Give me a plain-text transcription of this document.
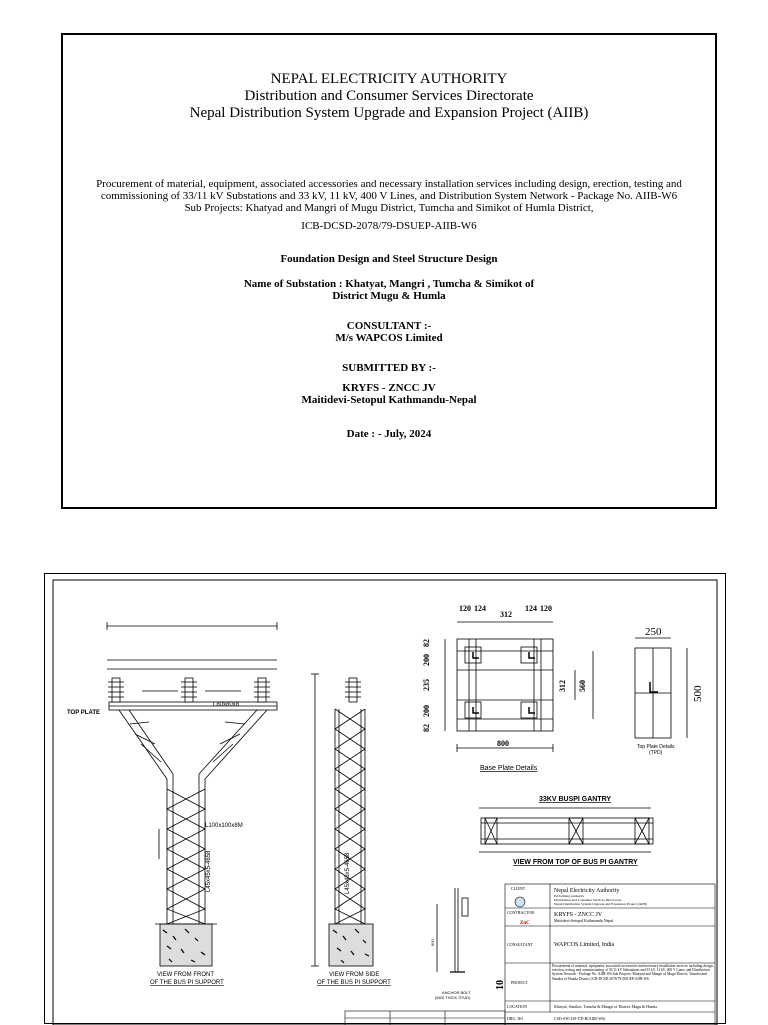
NEPAL ELECTRICITY AUTHORITY
Distribution and Consumer Services Directorate
Nepal Distribution System Upgrade and Expansion Project (AIIB)
Procurement of material, equipment, associated accessories and necessary installation services including design, erection, testing and
commissioning of 33/11 kV Substations and 33 kV, 11 kV, 400 V Lines, and Distribution System Network - Package No. AIIB-W6
Sub Projects: Khatyad and Mangri of Mugu District, Tumcha and Simikot of Humla District,
ICB-DCSD-2078/79-DSUEP-AIIB-W6
Foundation Design and Steel Structure Design
Name of Substation : Khatyat, Mangri , Tumcha & Simikot of
District Mugu & Humla
CONSULTANT :-
M/s WAPCOS Limited
SUBMITTED BY :-
KRYFS - ZNCC JV
Maitidevi-Setopul Kathmandu-Nepal
Date : - July, 2024
TOP PLATE
L80x80x8
L100x100x8M
L45x45x5-4658
VIEW FROM FRONT
OF THE BUS PI SUPPORT
L45x45x5-4658
VIEW FROM SIDE
OF THE BUS PI SUPPORT
120 124
312
124 120
82
200
235
200
82
312 560
800
Base Plate Details
250
500
Top Plate Details
(TPD)
33KV BUSPI GANTRY
VIEW FROM TOP OF BUS PI GANTRY
600
10
ANCHOR BOLT
(M20 THICK STUD)
CLIENT	Nepal Electricity Authority
Performing Authority
Distribution and Consumer Services Directorate
Nepal Distribution System Upgrade and Expansion Project (AIIB)
CONTRACTOR
ZnC
KRYFS - ZNCC JV
Maitidevi-Setopul Kathmandu Nepal
CONSULTANT	WAPCOS Limited, India
PROJECT
Procurement of material, equipment, associated accessories and necessary installation services including design, erection, testing and commissioning of 33/11 kV Substations and 33 kV, 11 kV, 400 V Lines, and Distribution System Network - Package No. AIIB-W6 Sub Projects: Khatyad and Mangri of Mugu District, Tumcha and Simikot of Humla District, ICB-DCSD-2078/79-DSUEP-AIIB-W6
LOCATION	Khatyat, Simikot, Tumcha & Mangri of District Mugu & Humla
DRG. NO	CSD-SW-339-YD-B(AIIB-W6)
